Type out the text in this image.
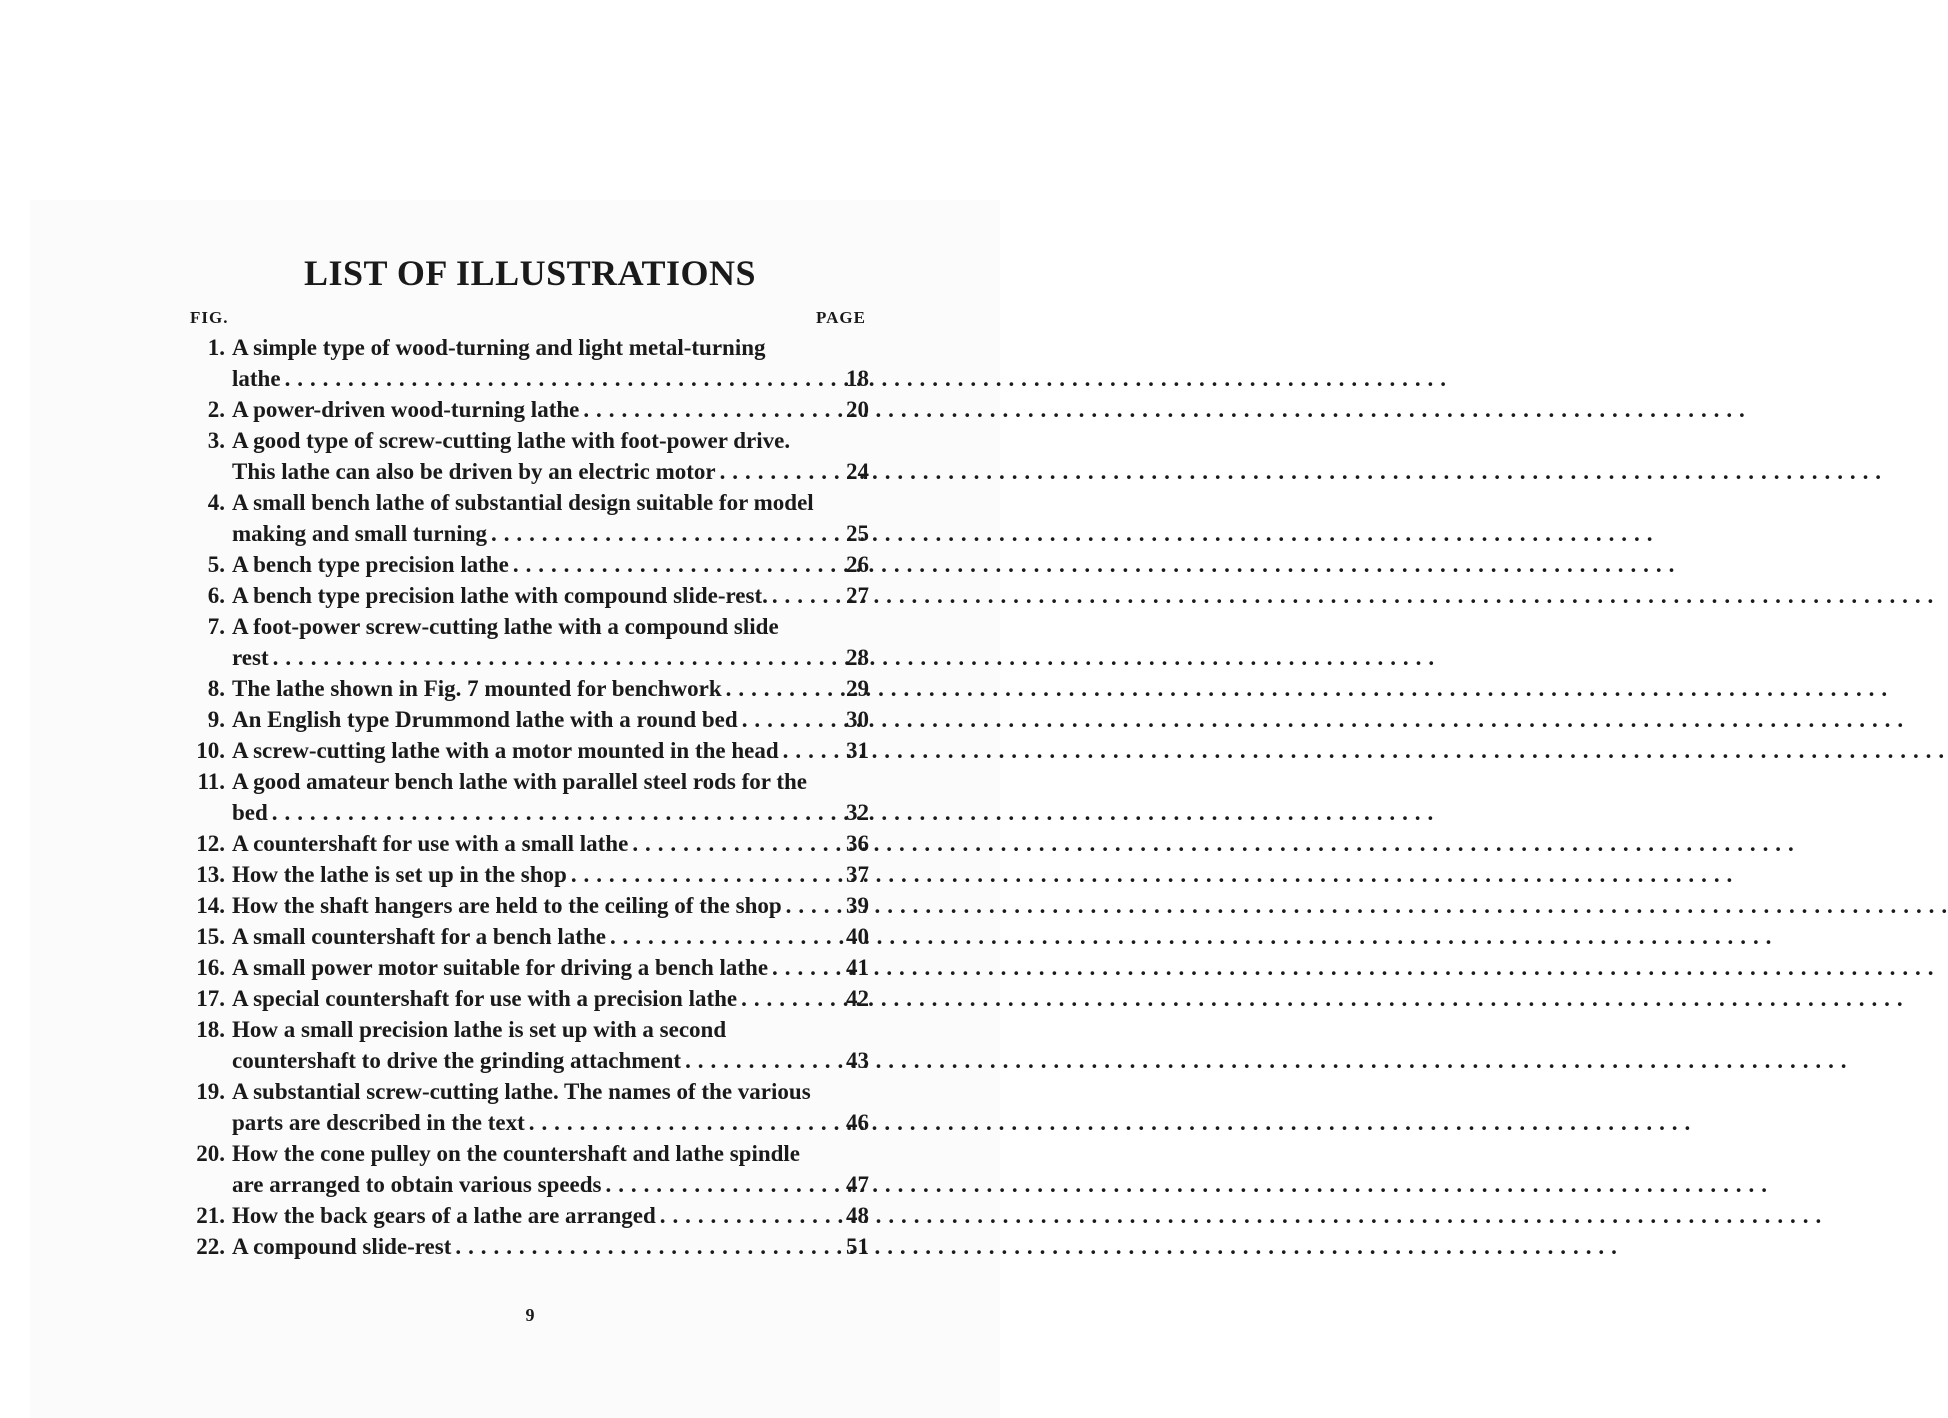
LIST OF ILLUSTRATIONS
FIG.	PAGE
1. A simple type of wood-turning and light metal-turning
lathe . . .	18
2. A power-driven wood-turning lathe . . .	20
3. A good type of screw-cutting lathe with foot-power drive.
This lathe can also be driven by an electric motor . . .	24
4. A small bench lathe of substantial design suitable for model
making and small turning . . .	25
5. A bench type precision lathe . . .	26
6. A bench type precision lathe with compound slide-rest. . . .	27
7. A foot-power screw-cutting lathe with a compound slide
rest . . .	28
8. The lathe shown in Fig. 7 mounted for benchwork . . .	29
9. An English type Drummond lathe with a round bed . . .	30
10. A screw-cutting lathe with a motor mounted in the head . . .	31
11. A good amateur bench lathe with parallel steel rods for the
bed . . .	32
12. A countershaft for use with a small lathe . . .	36
13. How the lathe is set up in the shop . . .	37
14. How the shaft hangers are held to the ceiling of the shop . . .	39
15. A small countershaft for a bench lathe . . .	40
16. A small power motor suitable for driving a bench lathe . . .	41
17. A special countershaft for use with a precision lathe . . .	42
18. How a small precision lathe is set up with a second
countershaft to drive the grinding attachment . . .	43
19. A substantial screw-cutting lathe. The names of the various
parts are described in the text . . .	46
20. How the cone pulley on the countershaft and lathe spindle
are arranged to obtain various speeds . . .	47
21. How the back gears of a lathe are arranged . . .	48
22. A compound slide-rest . . .	51
9
